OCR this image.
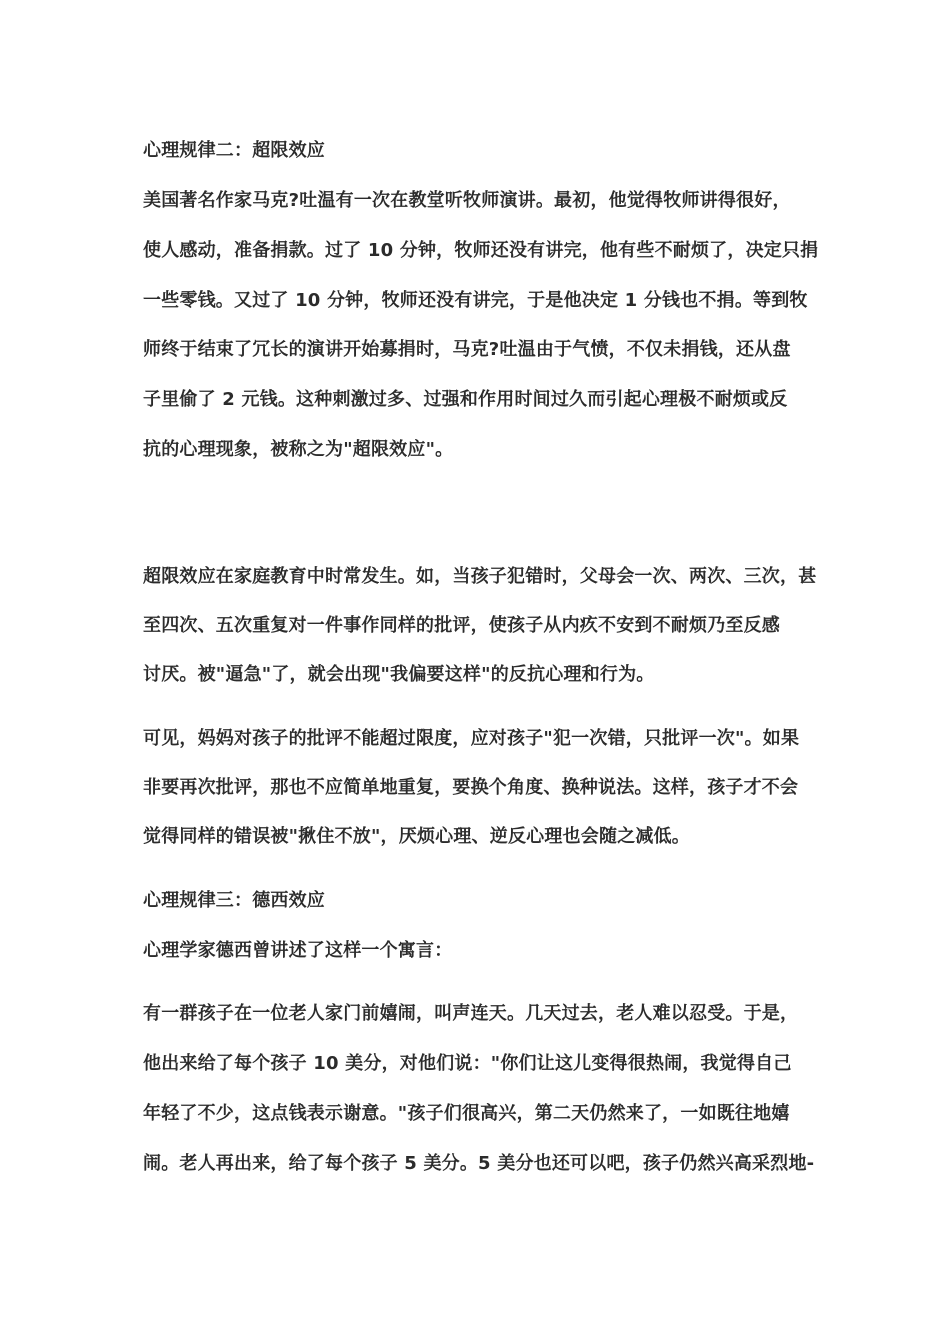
心理规律二：超限效应
美国著名作家马克?吐温有一次在教堂听牧师演讲。最初，他觉得牧师讲得很好，
使人感动，准备捐款。过了 10 分钟，牧师还没有讲完，他有些不耐烦了，决定只捐
一些零钱。又过了 10 分钟，牧师还没有讲完，于是他决定 1 分钱也不捐。等到牧
师终于结束了冗长的演讲开始募捐时，马克?吐温由于气愤，不仅未捐钱，还从盘
子里偷了 2 元钱。这种刺激过多、过强和作用时间过久而引起心理极不耐烦或反
抗的心理现象，被称之为"超限效应"。
超限效应在家庭教育中时常发生。如，当孩子犯错时，父母会一次、两次、三次，甚
至四次、五次重复对一件事作同样的批评，使孩子从内疚不安到不耐烦乃至反感
讨厌。被"逼急"了，就会出现"我偏要这样"的反抗心理和行为。
可见，妈妈对孩子的批评不能超过限度，应对孩子"犯一次错，只批评一次"。如果
非要再次批评，那也不应简单地重复，要换个角度、换种说法。这样，孩子才不会
觉得同样的错误被"揪住不放"，厌烦心理、逆反心理也会随之减低。
心理规律三：德西效应
心理学家德西曾讲述了这样一个寓言：
有一群孩子在一位老人家门前嬉闹，叫声连天。几天过去，老人难以忍受。于是，
他出来给了每个孩子 10 美分，对他们说："你们让这儿变得很热闹，我觉得自己
年轻了不少，这点钱表示谢意。"孩子们很高兴，第二天仍然来了，一如既往地嬉
闹。老人再出来，给了每个孩子 5 美分。5 美分也还可以吧，孩子仍然兴高采烈地-
